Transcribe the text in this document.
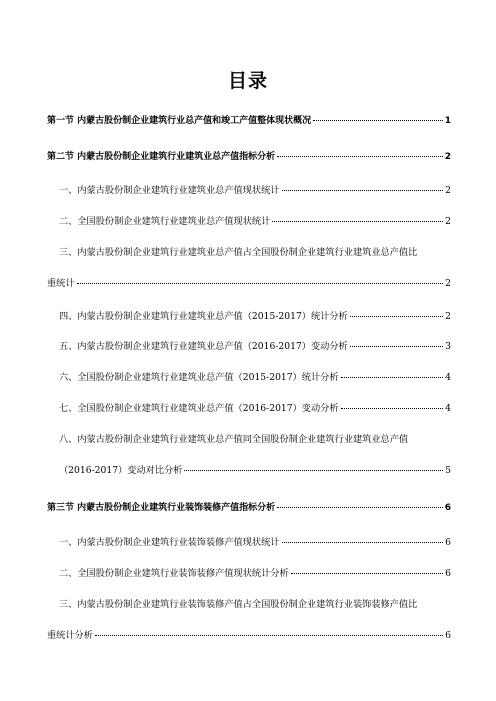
目录
第一节 内蒙古股份制企业建筑行业总产值和竣工产值整体现状概况	1
第二节 内蒙古股份制企业建筑行业建筑业总产值指标分析	2
一、内蒙古股份制企业建筑行业建筑业总产值现状统计	2
二、全国股份制企业建筑行业建筑业总产值现状统计	2
三、内蒙古股份制企业建筑行业建筑业总产值占全国股份制企业建筑行业建筑业总产值比
重统计	2
四、内蒙古股份制企业建筑行业建筑业总产值（2015-2017）统计分析	2
五、内蒙古股份制企业建筑行业建筑业总产值（2016-2017）变动分析	3
六、全国股份制企业建筑行业建筑业总产值（2015-2017）统计分析	4
七、全国股份制企业建筑行业建筑业总产值（2016-2017）变动分析	4
八、内蒙古股份制企业建筑行业建筑业总产值同全国股份制企业建筑行业建筑业总产值
（2016-2017）变动对比分析	5
第三节 内蒙古股份制企业建筑行业装饰装修产值指标分析	6
一、内蒙古股份制企业建筑行业装饰装修产值现状统计	6
二、全国股份制企业建筑行业装饰装修产值现状统计分析	6
三、内蒙古股份制企业建筑行业装饰装修产值占全国股份制企业建筑行业装饰装修产值比
重统计分析	6
